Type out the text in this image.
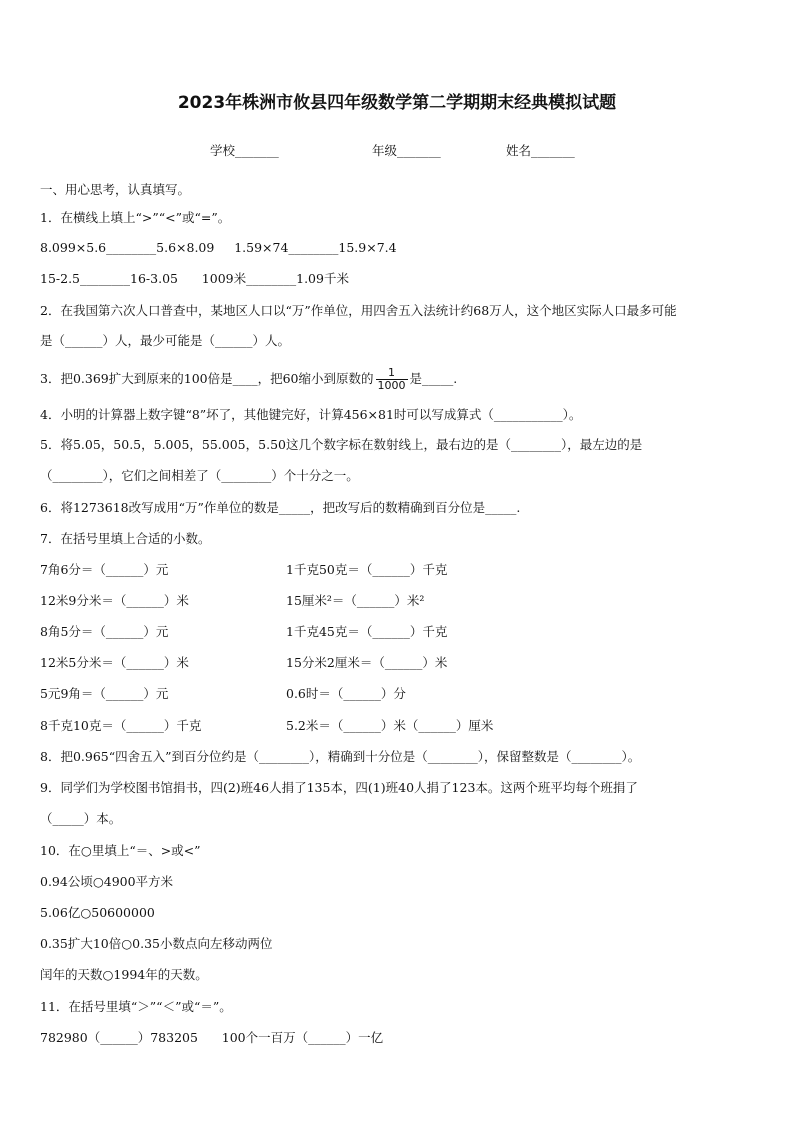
2023年株洲市攸县四年级数学第二学期期末经典模拟试题
学校_______	年级_______	姓名_______
一、用心思考，认真填写。
1．在横线上填上“>”“<”或“=”。
8.099×5.6________5.6×8.09     1.59×74________15.9×7.4
15-2.5________16-3.05      1009米________1.09千米
2．在我国第六次人口普查中，某地区人口以“万”作单位，用四舍五入法统计约68万人，这个地区实际人口最多可能
是（______）人，最少可能是（______）人。
3．把0.369扩大到原来的100倍是____，把60缩小到原数的 $\frac{1}{1000}$ 是_____.
4．小明的计算器上数字键“8”坏了，其他键完好，计算456×81时可以写成算式（___________）。
5．将5.05，50.5，5.005，55.005，5.50这几个数字标在数射线上，最右边的是（________），最左边的是
（________），它们之间相差了（________）个十分之一。
6．将1273618改写成用“万”作单位的数是_____，把改写后的数精确到百分位是_____.
7．在括号里填上合适的小数。
7角6分＝（______）元	1千克50克＝（______）千克
12米9分米＝（______）米	15厘米²＝（______）米²
8角5分＝（______）元	1千克45克＝（______）千克
12米5分米＝（______）米	15分米2厘米＝（______）米
5元9角＝（______）元	0.6时＝（______）分
8千克10克＝（______）千克	5.2米＝（______）米（______）厘米
8．把0.965“四舍五入”到百分位约是（________），精确到十分位是（________），保留整数是（________）。
9．同学们为学校图书馆捐书，四(2)班46人捐了135本，四(1)班40人捐了123本。这两个班平均每个班捐了
（_____）本。
10．在○里填上“＝、>或<”
0.94公顷○4900平方米
5.06亿○50600000
0.35扩大10倍○0.35小数点向左移动两位
闰年的天数○1994年的天数。
11．在括号里填“＞”“＜”或“＝”。
782980（______）783205      100个一百万（______）一亿
